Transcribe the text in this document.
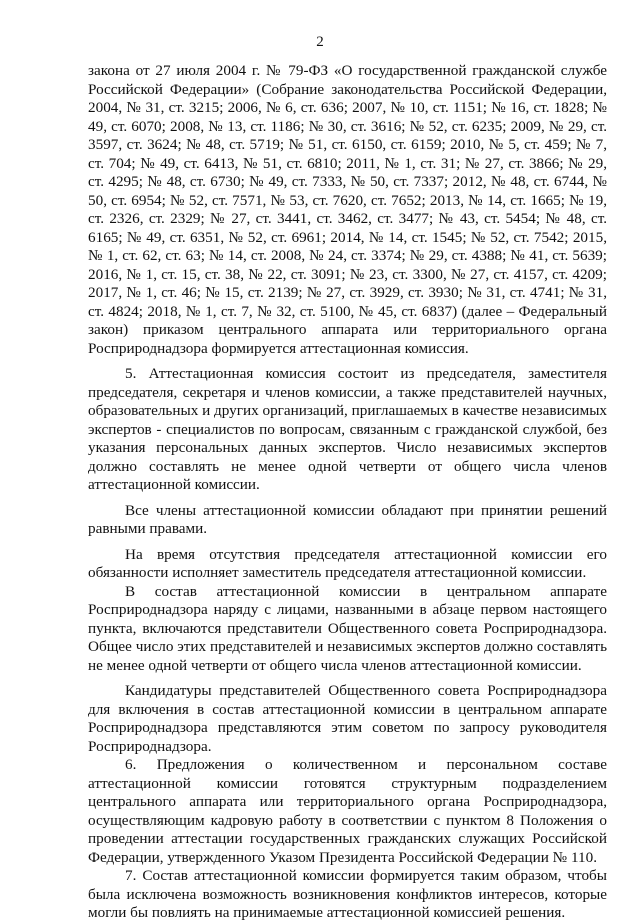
2

закона от 27 июля 2004 г. № 79-ФЗ «О государственной гражданской службе Российской Федерации» (Собрание законодательства Российской Федерации, 2004, № 31, ст. 3215; 2006, № 6, ст. 636; 2007, № 10, ст. 1151; № 16, ст. 1828; № 49, ст. 6070; 2008, № 13, ст. 1186; № 30, ст. 3616; № 52, ст. 6235; 2009, № 29, ст. 3597, ст. 3624; № 48, ст. 5719; № 51, ст. 6150, ст. 6159; 2010, № 5, ст. 459; № 7, ст. 704; № 49, ст. 6413, № 51, ст. 6810; 2011, № 1, ст. 31; № 27, ст. 3866; № 29, ст. 4295; № 48, ст. 6730; № 49, ст. 7333, № 50, ст. 7337; 2012, № 48, ст. 6744, № 50, ст. 6954; № 52, ст. 7571, № 53, ст. 7620, ст. 7652; 2013, № 14, ст. 1665; № 19, ст. 2326, ст. 2329; № 27, ст. 3441, ст. 3462, ст. 3477; № 43, ст. 5454; № 48, ст. 6165; № 49, ст. 6351, № 52, ст. 6961; 2014, № 14, ст. 1545; № 52, ст. 7542; 2015, № 1, ст. 62, ст. 63; № 14, ст. 2008, № 24, ст. 3374; № 29, ст. 4388; № 41, ст. 5639; 2016, № 1, ст. 15, ст. 38, № 22, ст. 3091; № 23, ст. 3300, № 27, ст. 4157, ст. 4209; 2017, № 1, ст. 46; № 15, ст. 2139; № 27, ст. 3929, ст. 3930; № 31, ст. 4741; № 31, ст. 4824; 2018, № 1, ст. 7, № 32, ст. 5100, № 45, ст. 6837) (далее – Федеральный закон) приказом центрального аппарата или территориального органа Росприроднадзора формируется аттестационная комиссия.

5. Аттестационная комиссия состоит из председателя, заместителя председателя, секретаря и членов комиссии, а также представителей научных, образовательных и других организаций, приглашаемых в качестве независимых экспертов - специалистов по вопросам, связанным с гражданской службой, без указания персональных данных экспертов. Число независимых экспертов должно составлять не менее одной четверти от общего числа членов аттестационной комиссии.

Все члены аттестационной комиссии обладают при принятии решений равными правами.

На время отсутствия председателя аттестационной комиссии его обязанности исполняет заместитель председателя аттестационной комиссии.

В состав аттестационной комиссии в центральном аппарате Росприроднадзора наряду с лицами, названными в абзаце первом настоящего пункта, включаются представители Общественного совета Росприроднадзора. Общее число этих представителей и независимых экспертов должно составлять не менее одной четверти от общего числа членов аттестационной комиссии.

Кандидатуры представителей Общественного совета Росприроднадзора для включения в состав аттестационной комиссии в центральном аппарате Росприроднадзора представляются этим советом по запросу руководителя Росприроднадзора.

6. Предложения о количественном и персональном составе аттестационной комиссии готовятся структурным подразделением центрального аппарата или территориального органа Росприроднадзора, осуществляющим кадровую работу в соответствии с пунктом 8 Положения о проведении аттестации государственных гражданских служащих Российской Федерации, утвержденного Указом Президента Российской Федерации № 110.

7. Состав аттестационной комиссии формируется таким образом, чтобы была исключена возможность возникновения конфликтов интересов, которые могли бы повлиять на принимаемые аттестационной комиссией решения.
